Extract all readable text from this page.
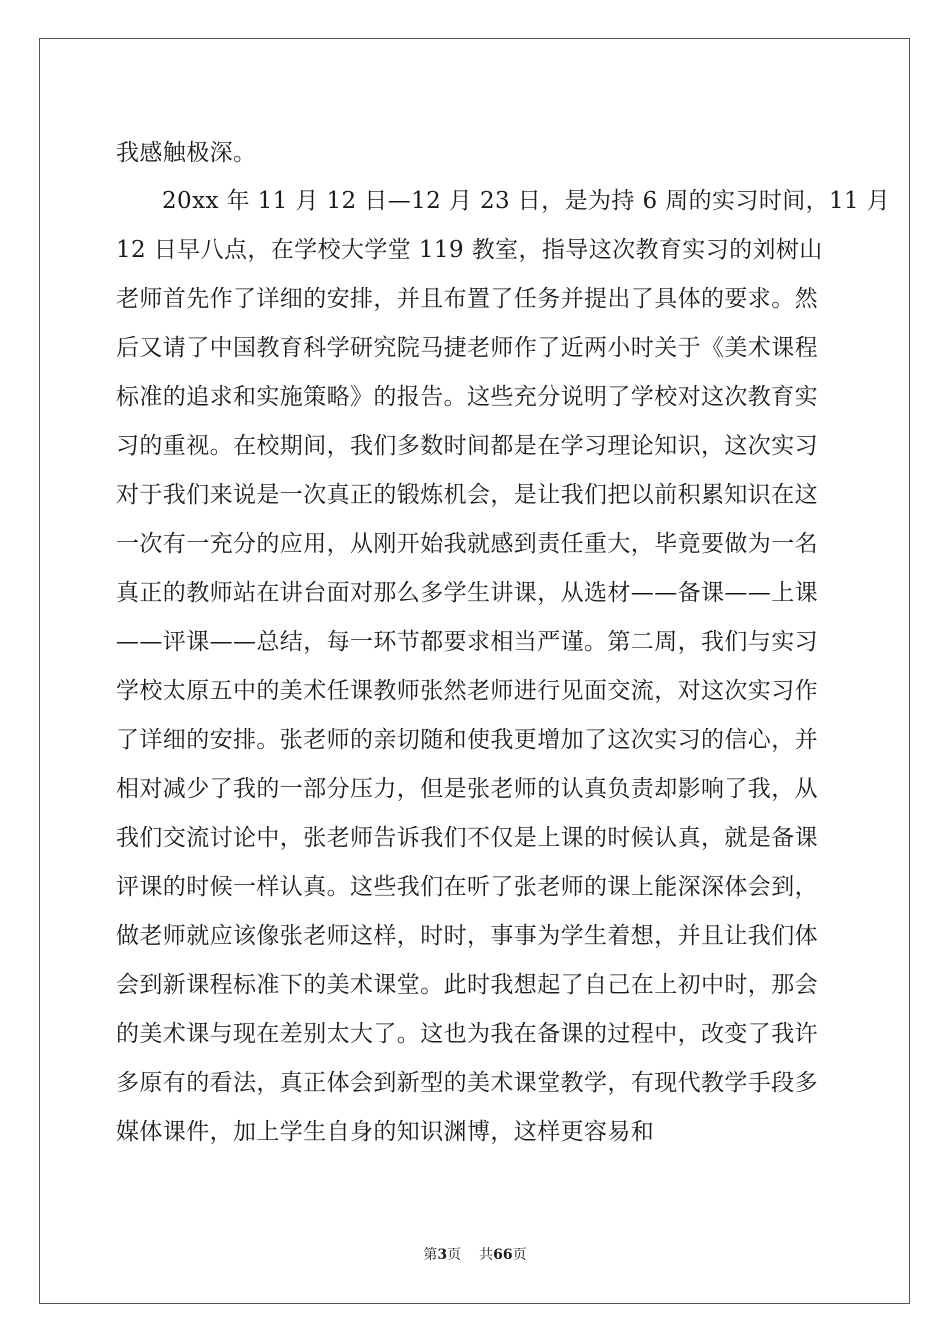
我感触极深。
20xx 年 11 月 12 日—12 月 23 日，是为持 6 周的实习时间，11 月
12 日早八点，在学校大学堂 119 教室，指导这次教育实习的刘树山
老师首先作了详细的安排，并且布置了任务并提出了具体的要求。然
后又请了中国教育科学研究院马捷老师作了近两小时关于《美术课程
标准的追求和实施策略》的报告。这些充分说明了学校对这次教育实
习的重视。在校期间，我们多数时间都是在学习理论知识，这次实习
对于我们来说是一次真正的锻炼机会，是让我们把以前积累知识在这
一次有一充分的应用，从刚开始我就感到责任重大，毕竟要做为一名
真正的教师站在讲台面对那么多学生讲课，从选材——备课——上课
——评课——总结，每一环节都要求相当严谨。第二周，我们与实习
学校太原五中的美术任课教师张然老师进行见面交流，对这次实习作
了详细的安排。张老师的亲切随和使我更增加了这次实习的信心，并
相对减少了我的一部分压力，但是张老师的认真负责却影响了我，从
我们交流讨论中，张老师告诉我们不仅是上课的时候认真，就是备课
评课的时候一样认真。这些我们在听了张老师的课上能深深体会到，
做老师就应该像张老师这样，时时，事事为学生着想，并且让我们体
会到新课程标准下的美术课堂。此时我想起了自己在上初中时，那会
的美术课与现在差别太大了。这也为我在备课的过程中，改变了我许
多原有的看法，真正体会到新型的美术课堂教学，有现代教学手段多
媒体课件，加上学生自身的知识渊博，这样更容易和
第3页 共66页
